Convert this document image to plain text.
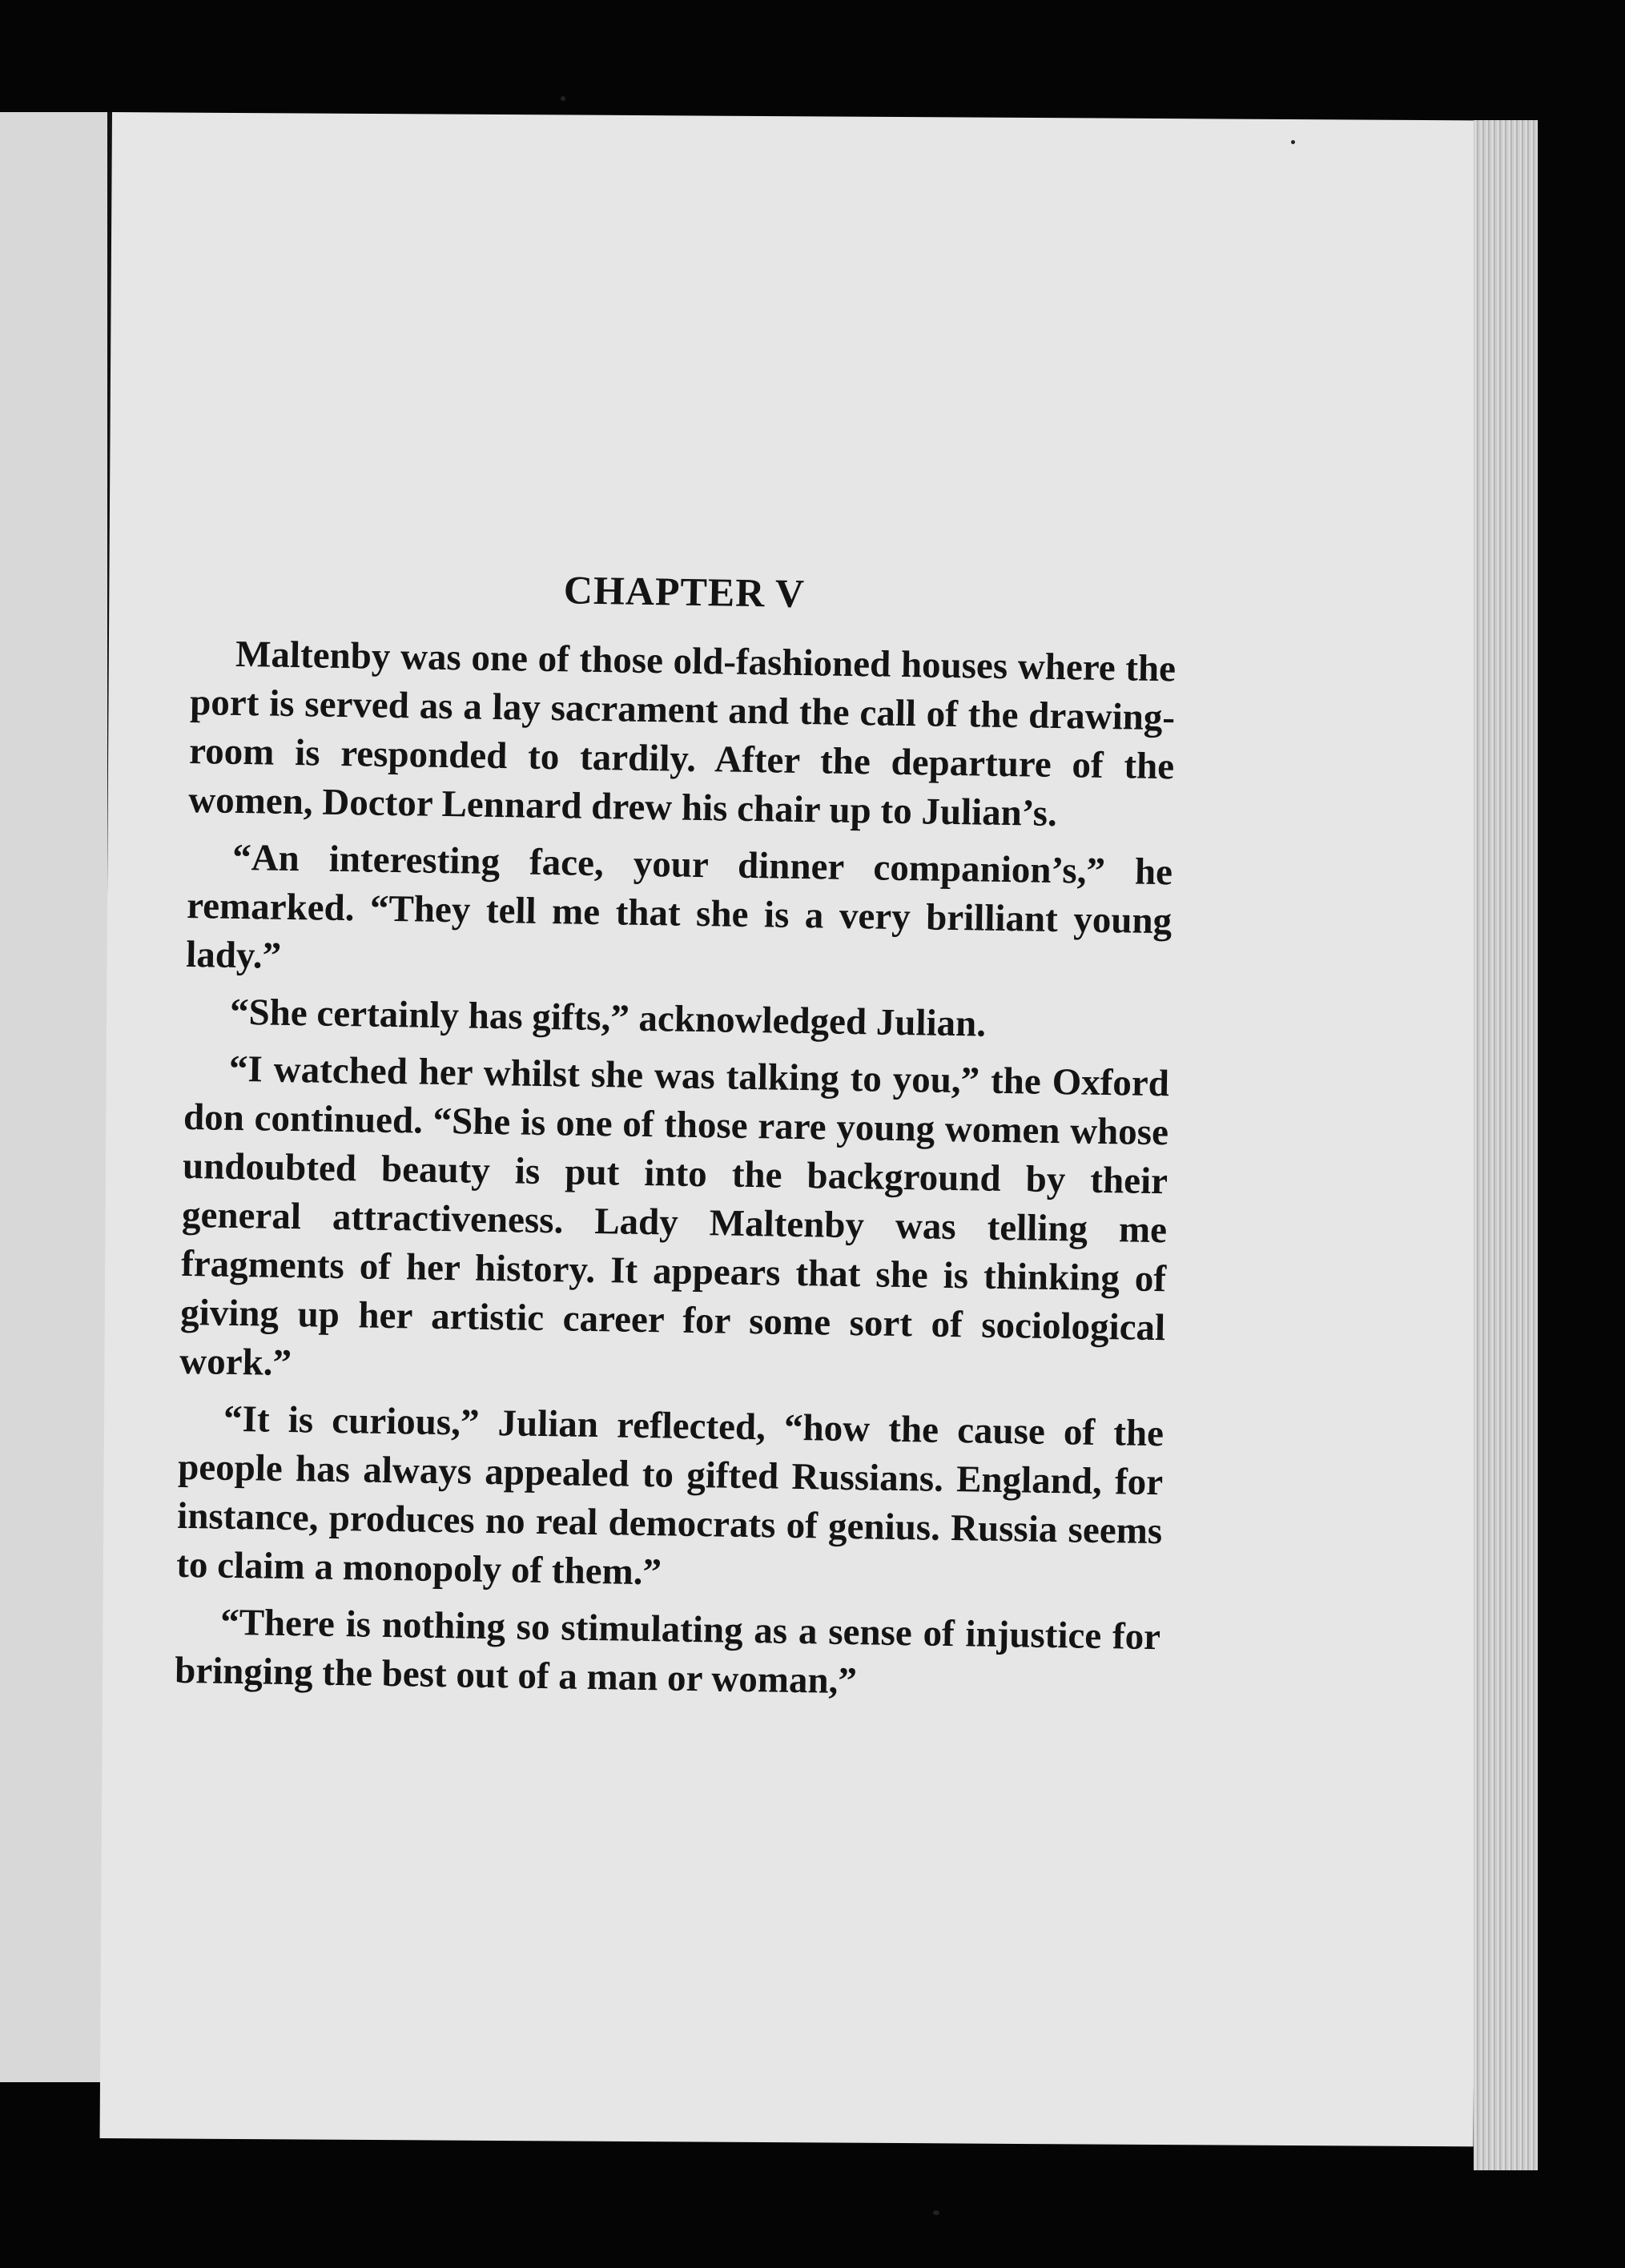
CHAPTER V

Maltenby was one of those old-fashioned houses where the port is served as a lay sacrament and the call of the drawing-room is responded to tardily. After the departure of the women, Doctor Lennard drew his chair up to Julian’s.

“An interesting face, your dinner companion’s,” he remarked. “They tell me that she is a very brilliant young lady.”

“She certainly has gifts,” acknowledged Julian.

“I watched her whilst she was talking to you,” the Oxford don continued. “She is one of those rare young women whose undoubted beauty is put into the background by their general attractiveness. Lady Maltenby was telling me fragments of her history. It appears that she is thinking of giving up her artistic career for some sort of sociological work.”

“It is curious,” Julian reflected, “how the cause of the people has always appealed to gifted Russians. England, for instance, produces no real democrats of genius. Russia seems to claim a monopoly of them.”

“There is nothing so stimulating as a sense of injustice for bringing the best out of a man or woman,”
